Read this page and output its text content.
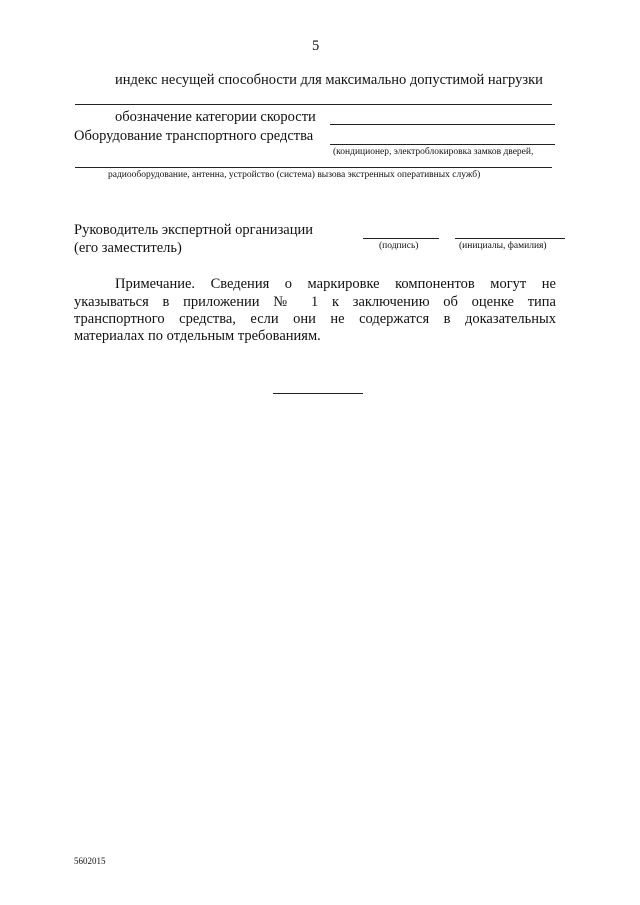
5
индекс несущей способности для максимально допустимой нагрузки
обозначение категории скорости
Оборудование транспортного средства
(кондиционер, электроблокировка замков дверей,
радиооборудование, антенна, устройство (система) вызова экстренных оперативных служб)
Руководитель экспертной организации
(его заместитель)	(подпись)	(инициалы, фамилия)
Примечание. Сведения о маркировке компонентов могут не
указываться в приложении № 1 к заключению об оценке типа
транспортного средства, если они не содержатся в доказательных
материалах по отдельным требованиям.
5602015
